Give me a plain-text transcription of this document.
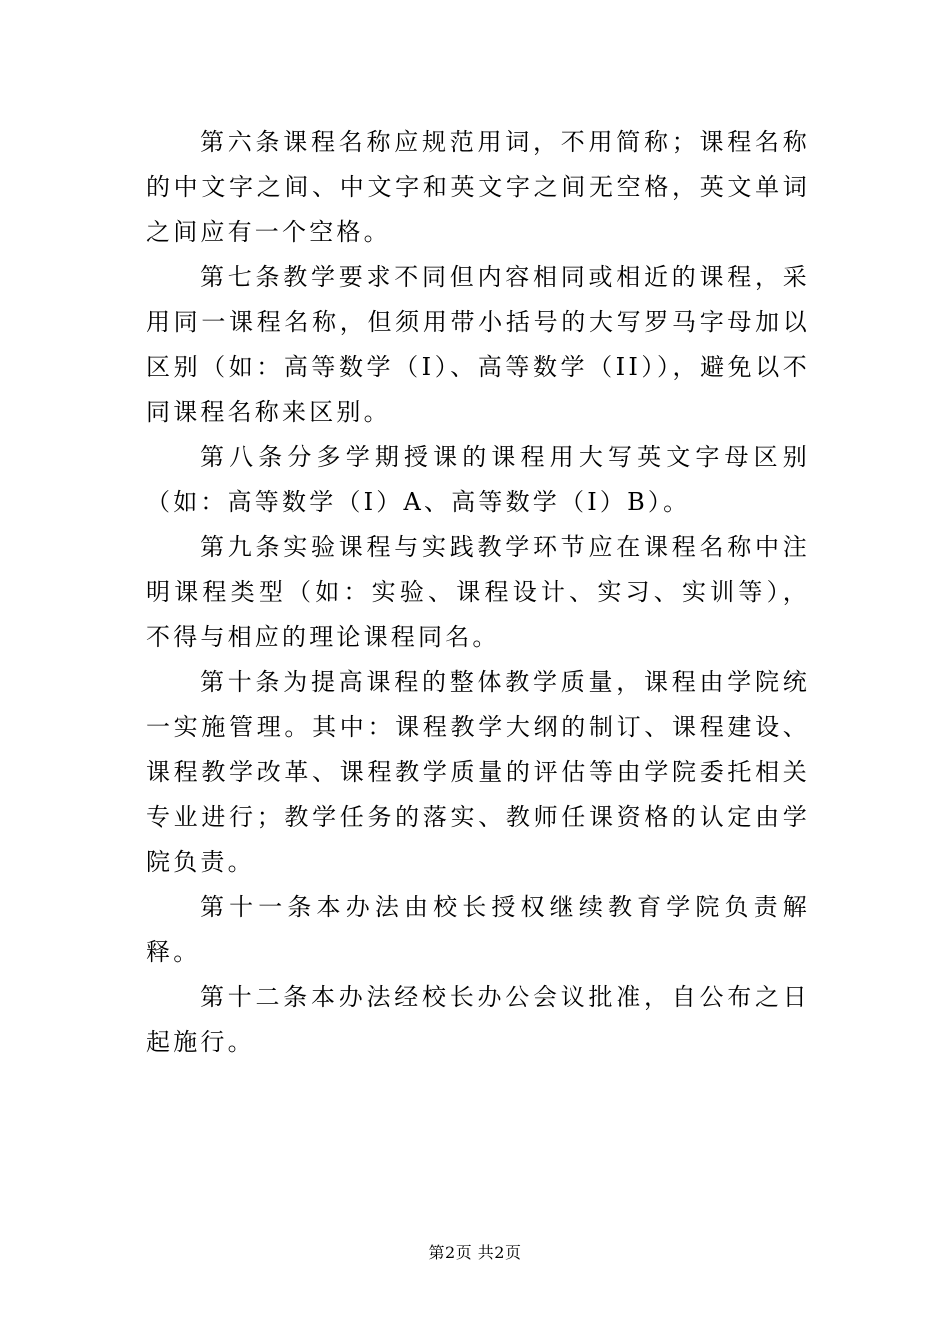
第六条课程名称应规范用词，不用简称；课程名称的中文字之间、中文字和英文字之间无空格，英文单词之间应有一个空格。

第七条教学要求不同但内容相同或相近的课程，采用同一课程名称，但须用带小括号的大写罗马字母加以区别（如：高等数学（I）、高等数学（II）），避免以不同课程名称来区别。

第八条分多学期授课的课程用大写英文字母区别（如：高等数学（I）A、高等数学（I）B）。

第九条实验课程与实践教学环节应在课程名称中注明课程类型（如：实验、课程设计、实习、实训等），不得与相应的理论课程同名。

第十条为提高课程的整体教学质量，课程由学院统一实施管理。其中：课程教学大纲的制订、课程建设、课程教学改革、课程教学质量的评估等由学院委托相关专业进行；教学任务的落实、教师任课资格的认定由学院负责。

第十一条本办法由校长授权继续教育学院负责解释。

第十二条本办法经校长办公会议批准，自公布之日起施行。

第2页 共2页
